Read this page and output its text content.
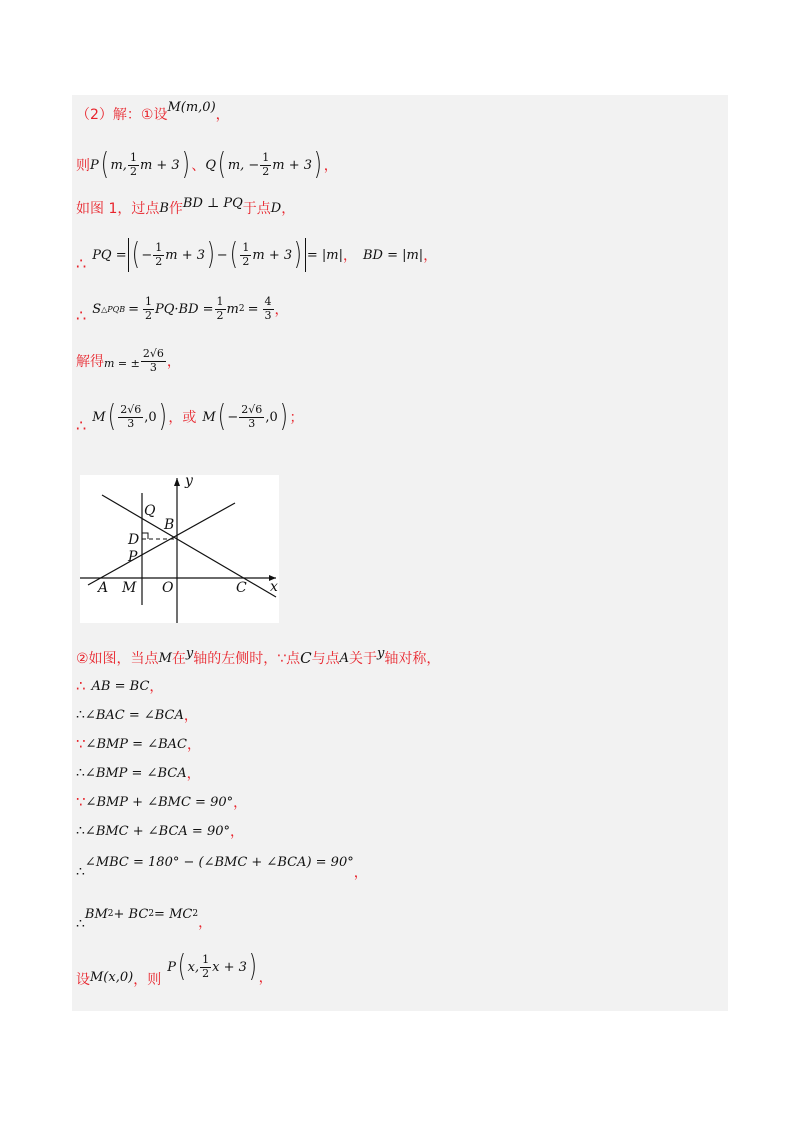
（2）解：①设 M(m,0) ，
则 P ( m, $\frac{1}{2}$ m + 3 ) 、 Q ( m, − $\frac{1}{2}$ m + 3 ) ，
如图 1，过点 B 作 BD ⊥ PQ 于点 D ，
∴ PQ = ( − $\frac{1}{2}$ m + 3 ) − ( $\frac{1}{2}$ m + 3 ) = |m| ， BD = |m| ，
∴ S △PQB = $\frac{1}{2} PQ\cdot BD = \frac{1}{2}$ m $2 = \frac{4}{3}$ ，
解得 m = ± $\frac{2√6}{3}$ ，
∴ M ( $\frac{2√6}{3} ,0$ ) ，或 M ( − $\frac{2√6}{3} ,0$ ) ；
y
x
Q
B
D
P
A M O	C
②如图，当点 M 在 y 轴的左侧时，∵点 C 与点 A 关于 y 轴对称，
∴ AB = BC ，
∴ ∠BAC = ∠BCA ，
∵ ∠BMP = ∠BAC ，
∴ ∠BMP = ∠BCA ，
∵ ∠BMP + ∠BMC = 90° ，
∴ ∠BMC + ∠BCA = 90° ，
∴
∠MBC = 180° − (∠BMC + ∠BCA) = 90°
，
∴
BM 2 + BC 2 = MC 2
，
设 M(x,0) ，则
P ( x, $\frac{1}{2}$ x + 3 ) ，
